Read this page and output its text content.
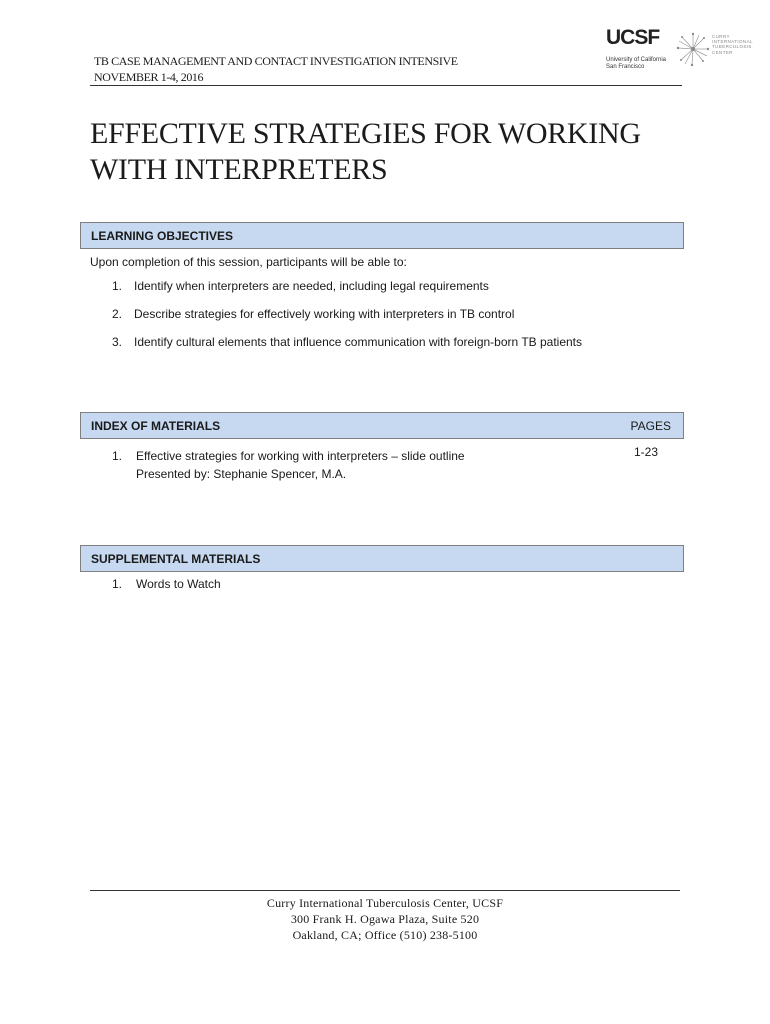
TB CASE MANAGEMENT AND CONTACT INVESTIGATION INTENSIVE
NOVEMBER 1-4, 2016
UCSF
University of California
San Francisco
CURRY
INTERNATIONAL
TUBERCULOSIS
CENTER
EFFECTIVE STRATEGIES FOR WORKING
WITH INTERPRETERS
LEARNING OBJECTIVES
Upon completion of this session, participants will be able to:
1. Identify when interpreters are needed, including legal requirements
2. Describe strategies for effectively working with interpreters in TB control
3. Identify cultural elements that influence communication with foreign-born TB patients
INDEX OF MATERIALS	PAGES
1. Effective strategies for working with interpreters – slide outline
Presented by: Stephanie Spencer, M.A.
1-23
SUPPLEMENTAL MATERIALS
1. Words to Watch
Curry International Tuberculosis Center, UCSF
300 Frank H. Ogawa Plaza, Suite 520
Oakland, CA; Office (510) 238-5100
